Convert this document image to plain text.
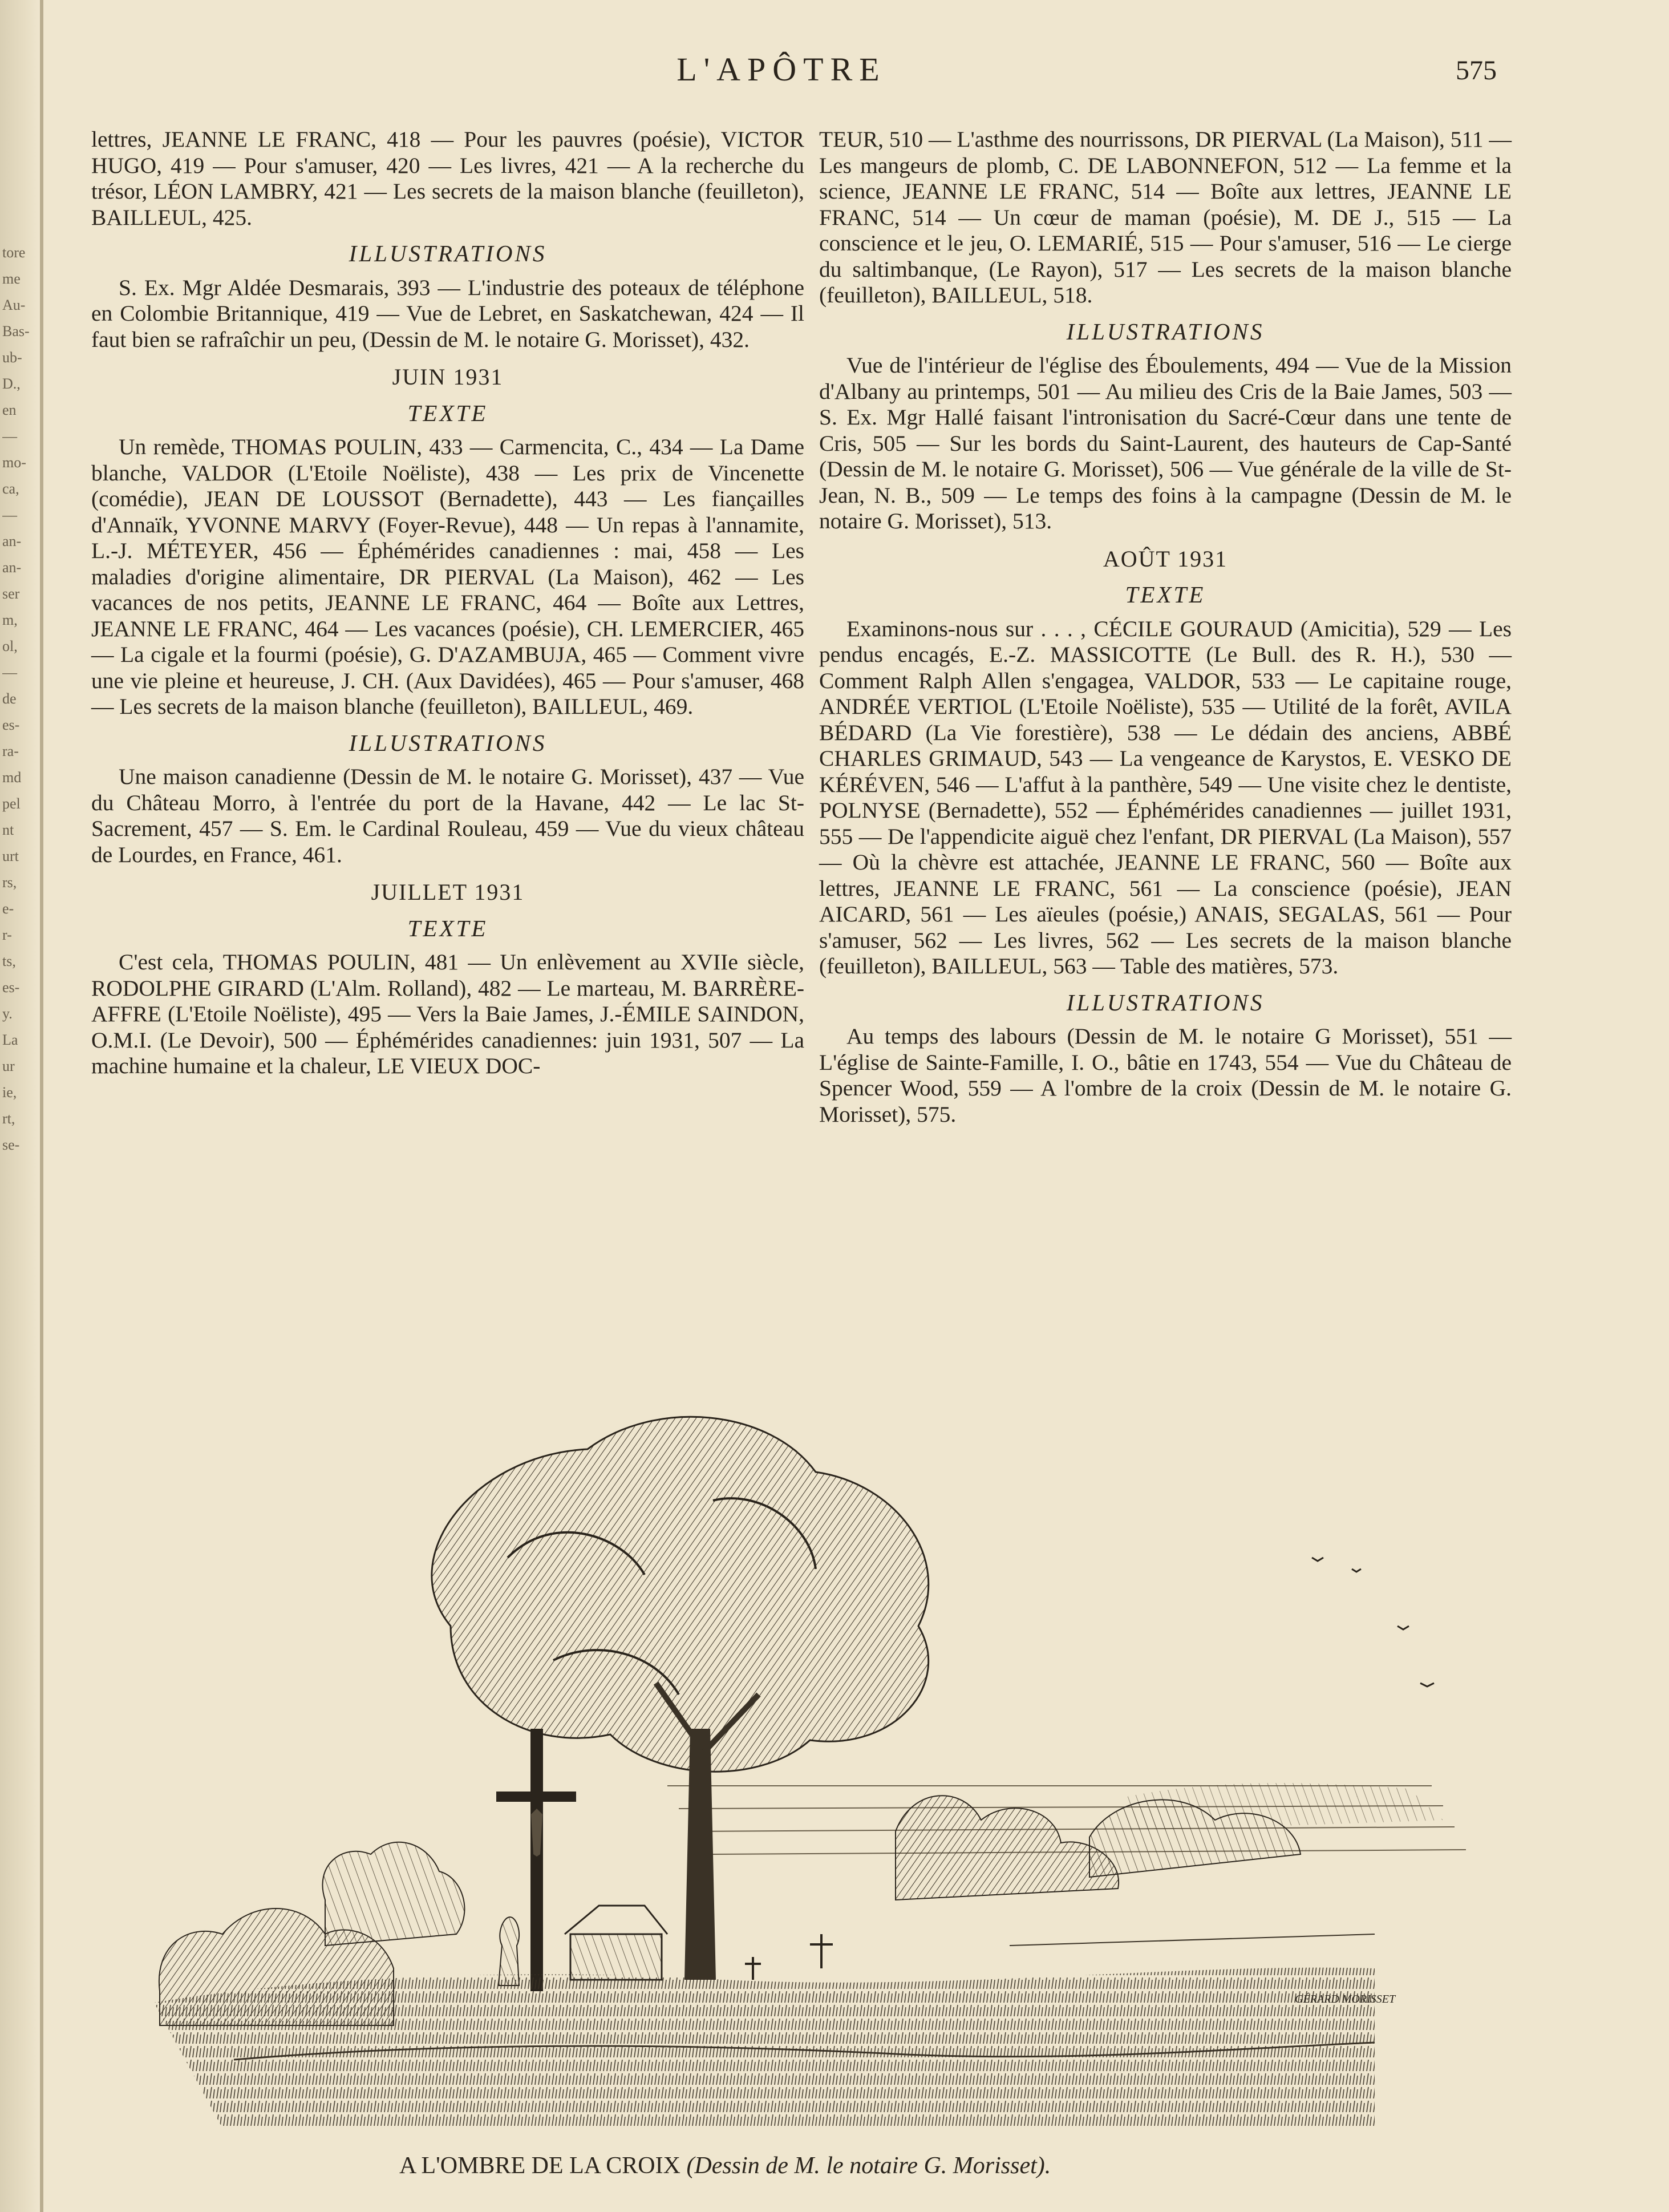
tore
me
Au-
Bas-
ub-
D.,
en
—
mo-
ca,
—
an-
an-
ser
m,
ol,
—
de
es-
ra-
md
pel
nt
urt
rs,
e-
r-
ts,
es-
y.
La
ur
ie,
rt,
se-
L'APÔTRE	575

lettres, JEANNE LE FRANC, 418 — Pour les pauvres (poésie), VICTOR HUGO, 419 — Pour s'amuser, 420 — Les livres, 421 — A la recherche du trésor, LÉON LAMBRY, 421 — Les secrets de la maison blanche (feuilleton), BAILLEUL, 425.

ILLUSTRATIONS

S. Ex. Mgr Aldée Desmarais, 393 — L'industrie des poteaux de téléphone en Colombie Britannique, 419 — Vue de Lebret, en Saskatchewan, 424 — Il faut bien se rafraîchir un peu, (Dessin de M. le notaire G. Morisset), 432.

JUIN 1931
TEXTE

Un remède, THOMAS POULIN, 433 — Carmencita, C., 434 — La Dame blanche, VALDOR (L'Etoile Noëliste), 438 — Les prix de Vincenette (comédie), JEAN DE LOUSSOT (Bernadette), 443 — Les fiançailles d'Annaïk, YVONNE MARVY (Foyer-Revue), 448 — Un repas à l'annamite, L.-J. MÉTEYER, 456 — Éphémérides canadiennes : mai, 458 — Les maladies d'origine alimentaire, DR PIERVAL (La Maison), 462 — Les vacances de nos petits, JEANNE LE FRANC, 464 — Boîte aux Lettres, JEANNE LE FRANC, 464 — Les vacances (poésie), CH. LEMERCIER, 465 — La cigale et la fourmi (poésie), G. D'AZAMBUJA, 465 — Comment vivre une vie pleine et heureuse, J. CH. (Aux Davidées), 465 — Pour s'amuser, 468 — Les secrets de la maison blanche (feuilleton), BAILLEUL, 469.

ILLUSTRATIONS

Une maison canadienne (Dessin de M. le notaire G. Morisset), 437 — Vue du Château Morro, à l'entrée du port de la Havane, 442 — Le lac St-Sacrement, 457 — S. Em. le Cardinal Rouleau, 459 — Vue du vieux château de Lourdes, en France, 461.

JUILLET 1931
TEXTE

C'est cela, THOMAS POULIN, 481 — Un enlèvement au XVIIe siècle, RODOLPHE GIRARD (L'Alm. Rolland), 482 — Le marteau, M. BARRÈRE-AFFRE (L'Etoile Noëliste), 495 — Vers la Baie James, J.-ÉMILE SAINDON, O.M.I. (Le Devoir), 500 — Éphémérides canadiennes: juin 1931, 507 — La machine humaine et la chaleur, LE VIEUX DOC-

TEUR, 510 — L'asthme des nourrissons, DR PIERVAL (La Maison), 511 — Les mangeurs de plomb, C. DE LABONNEFON, 512 — La femme et la science, JEANNE LE FRANC, 514 — Boîte aux lettres, JEANNE LE FRANC, 514 — Un cœur de maman (poésie), M. DE J., 515 — La conscience et le jeu, O. LEMARIÉ, 515 — Pour s'amuser, 516 — Le cierge du saltimbanque, (Le Rayon), 517 — Les secrets de la maison blanche (feuilleton), BAILLEUL, 518.

ILLUSTRATIONS

Vue de l'intérieur de l'église des Éboulements, 494 — Vue de la Mission d'Albany au printemps, 501 — Au milieu des Cris de la Baie James, 503 — S. Ex. Mgr Hallé faisant l'intronisation du Sacré-Cœur dans une tente de Cris, 505 — Sur les bords du Saint-Laurent, des hauteurs de Cap-Santé (Dessin de M. le notaire G. Morisset), 506 — Vue générale de la ville de St-Jean, N. B., 509 — Le temps des foins à la campagne (Dessin de M. le notaire G. Morisset), 513.

AOÛT 1931
TEXTE

Examinons-nous sur . . . , CÉCILE GOURAUD (Amicitia), 529 — Les pendus encagés, E.-Z. MASSICOTTE (Le Bull. des R. H.), 530 — Comment Ralph Allen s'engagea, VALDOR, 533 — Le capitaine rouge, ANDRÉE VERTIOL (L'Etoile Noëliste), 535 — Utilité de la forêt, AVILA BÉDARD (La Vie forestière), 538 — Le dédain des anciens, ABBÉ CHARLES GRIMAUD, 543 — La vengeance de Karystos, E. VESKO DE KÉRÉVEN, 546 — L'affut à la panthère, 549 — Une visite chez le dentiste, POLNYSE (Bernadette), 552 — Éphémérides canadiennes — juillet 1931, 555 — De l'appendicite aiguë chez l'enfant, DR PIERVAL (La Maison), 557 — Où la chèvre est attachée, JEANNE LE FRANC, 560 — Boîte aux lettres, JEANNE LE FRANC, 561 — La conscience (poésie), JEAN AICARD, 561 — Les aïeules (poésie,) ANAIS, SEGALAS, 561 — Pour s'amuser, 562 — Les livres, 562 — Les secrets de la maison blanche (feuilleton), BAILLEUL, 563 — Table des matières, 573.

ILLUSTRATIONS

Au temps des labours (Dessin de M. le notaire G Morisset), 551 — L'église de Sainte-Famille, I. O., bâtie en 1743, 554 — Vue du Château de Spencer Wood, 559 — A l'ombre de la croix (Dessin de M. le notaire G. Morisset), 575.

GÉRARD MORISSET
A L'OMBRE DE LA CROIX (Dessin de M. le notaire G. Morisset).
